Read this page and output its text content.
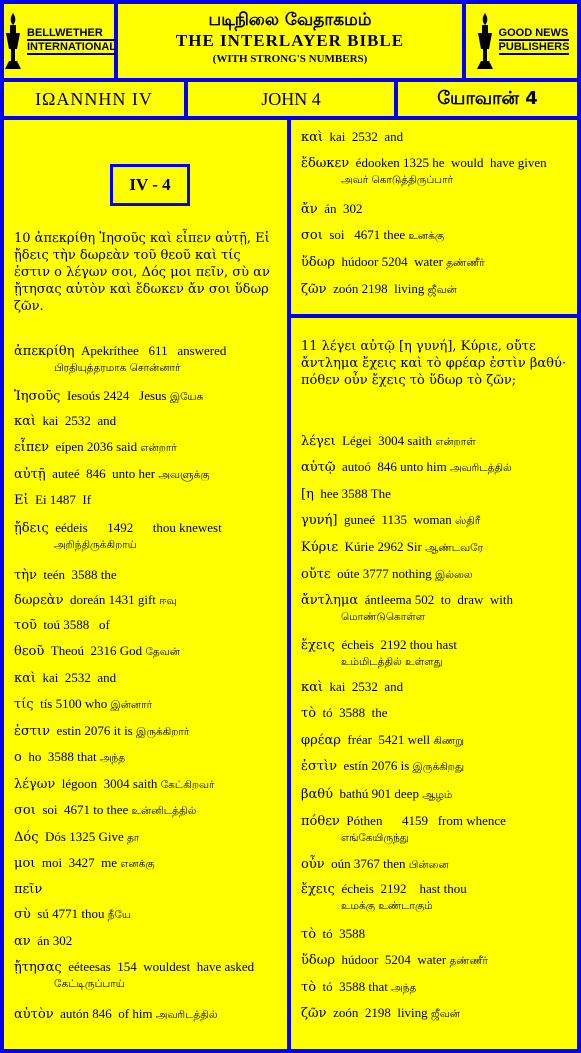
BELLWETHER
INTERNATIONAL
படிநிலை வேதாகமம்
THE INTERLAYER BIBLE
(WITH STRONG'S NUMBERS)
GOOD NEWS
PUBLISHERS
ΙΩΑΝΝΗΝ IV	JOHN 4	யோவான் 4
IV - 4
10 ἀπεκρίθη Ἰησοῦς καὶ εἶπεν αὐτῇ, Εἰ ᾔδεις τὴν δωρεὰν τοῦ θεοῦ καὶ τίς ἐστιν ο λέγων σοι, Δός μοι πεῖν, σὺ αν ᾔτησας αὐτὸν καὶ ἔδωκεν ἄν σοι ὕδωρ ζῶν.
ἀπεκρίθη  Apekrítheе   611   answered
பிரதியுத்தரமாக சொன்னார்
Ἰησοῦς  Iesoús 2424   Jesus இயேசு
καὶ  kai  2532  and
εἶπεν  eípen 2036 said என்றார்
αὐτῇ  auteé  846  unto her அவளுக்கு
Εἰ  Ei 1487  If
ᾔδεις  eédeis      1492      thou knewest
அறிந்திருக்கிறாய்
τὴν  teén  3588 the
δωρεὰν  doreán 1431 gift ஈவு
τοῦ  toú 3588   of
θεοῦ  Theoú  2316 God தேவன்
καὶ  kai  2532  and
τίς  tís 5100 who இன்னார்
ἐστιν  estin 2076 it is இருக்கிறார்
ο  ho  3588 that அந்த
λέγων  légoon  3004 saith கேட்கிறவர்
σοι  soi  4671 to thee உன்னிடத்தில்
Δός  Dós 1325 Give தா
μοι  moi  3427  me எனக்கு
πεῖν
σὺ  sú 4771 thou நீயே
αν  án 302
ᾔτησας  eéteesas  154  wouldest  have asked
கேட்டிருப்பாய்
αὐτὸν  autón 846  of him அவரிடத்தில்
καὶ  kai  2532  and
ἔδωκεν  édooken 1325 he  would  have given
அவர் கொடுத்திருப்பார்
ἄν  án  302
σοι  soi   4671 thee உனக்கு
ὕδωρ  húdoor 5204  water தண்ணீர்
ζῶν  zoón 2198  living ஜீவன்
11 λέγει αὐτῷ [η γυνή], Κύριε, οὔτε ἄντλημα ἔχεις καὶ τὸ φρέαρ ἐστὶν βαθύ· πόθεν οὖν ἔχεις τὸ ὕδωρ τὸ ζῶν;
λέγει  Légei  3004 saith என்றாள்
αὐτῷ  autoó  846 unto him அவரிடத்தில்
[η  hee 3588 The
γυνή]  guneé  1135  woman ஸ்திரீ
Κύριε  Kúrie 2962 Sir ஆண்டவரே
οὔτε  oúte 3777 nothing இல்லை
ἄντλημα  ántleema 502  to  draw  with
மொண்டுகொள்ள
ἔχεις  écheis  2192 thou hast
உம்மிடத்தில் உள்ளது
καὶ  kai  2532  and
τὸ  tó  3588  the
φρέαρ  fréar  5421 well கிணறு
ἐστὶν  estín 2076 is இருக்கிறது
βαθύ  bathú 901 deep ஆழம்
πόθεν  Póthen      4159   from whence
எங்கேயிருந்து
οὖν  oún 3767 then பின்னை
ἔχεις  écheis  2192    hast thou
உமக்கு உண்டாகும்
τὸ  tó  3588
ὕδωρ  húdoor  5204  water தண்ணீர்
τὸ  tó  3588 that அந்த
ζῶν  zoón  2198  living ஜீவன்
